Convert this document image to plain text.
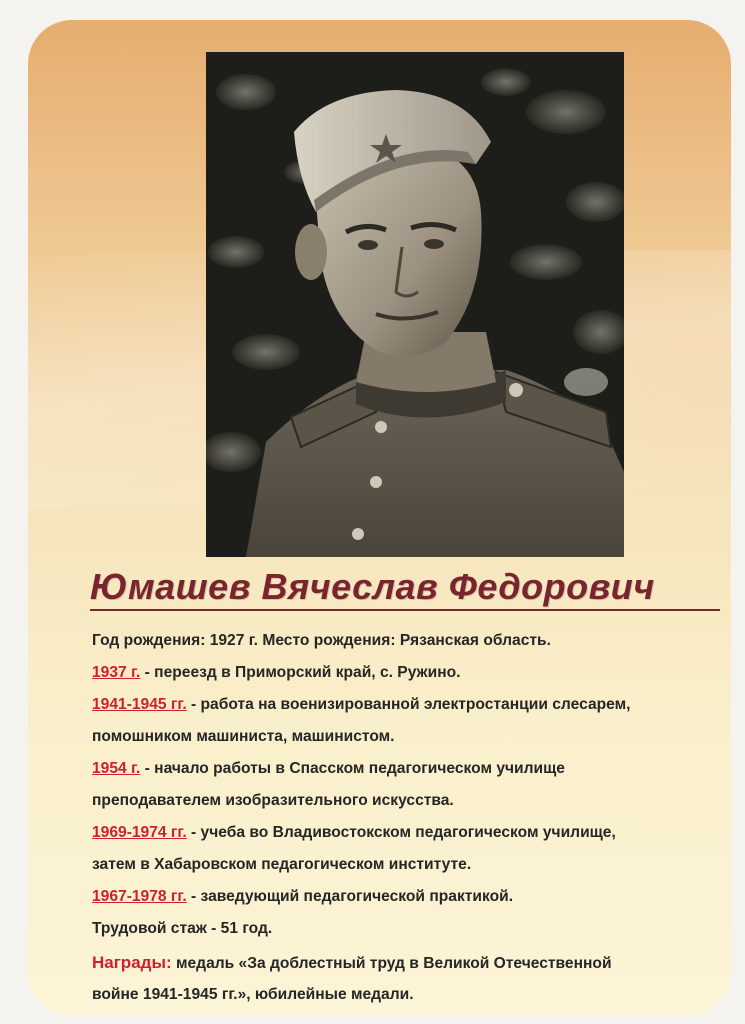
Юмашев Вячеслав Федорович
Год рождения: 1927 г. Место рождения: Рязанская область.
1937 г. - переезд в Приморский край, с. Ружино.
1941-1945 гг. - работа на военизированной электростанции слесарем,
помошником машиниста, машинистом.
1954 г. - начало работы в Спасском педагогическом училище
преподавателем изобразительного искусства.
1969-1974 гг. - учеба во Владивостокском педагогическом училище,
затем в Хабаровском педагогическом институте.
1967-1978 гг. - заведующий педагогической практикой.
Трудовой стаж - 51 год.
Награды: медаль «За доблестный труд в Великой Отечественной
войне 1941-1945 гг.», юбилейные медали.
